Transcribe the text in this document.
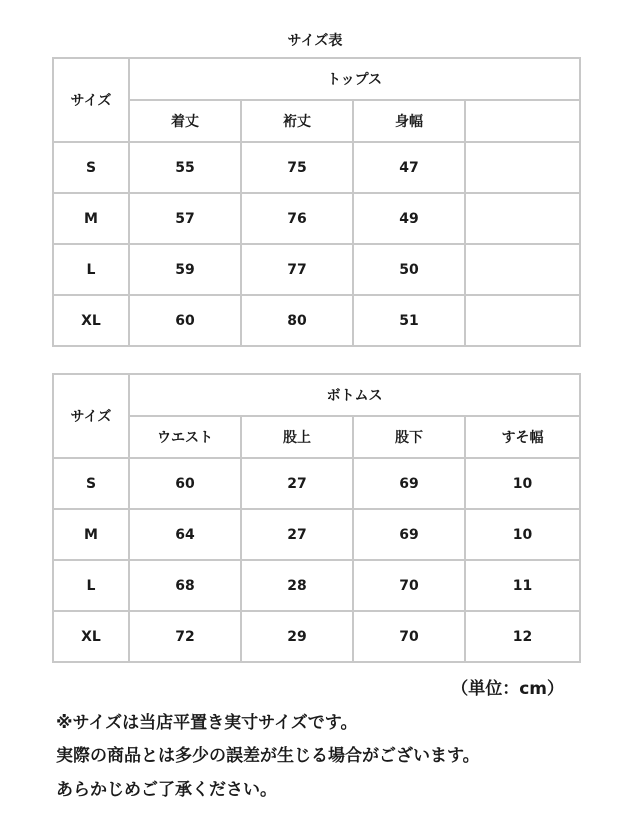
サイズ表
サイズ	トップス			
	着丈	裄丈	身幅	
S	55	75	47	
M	57	76	49	
L	59	77	50	
XL	60	80	51	
サイズ	ボトムス			
	ウエスト	股上	股下	すそ幅
S	60	27	69	10
M	64	27	69	10
L	68	28	70	11
XL	72	29	70	12
（単位：cm）
※サイズは当店平置き実寸サイズです。
実際の商品とは多少の誤差が生じる場合がございます。
あらかじめご了承ください。
